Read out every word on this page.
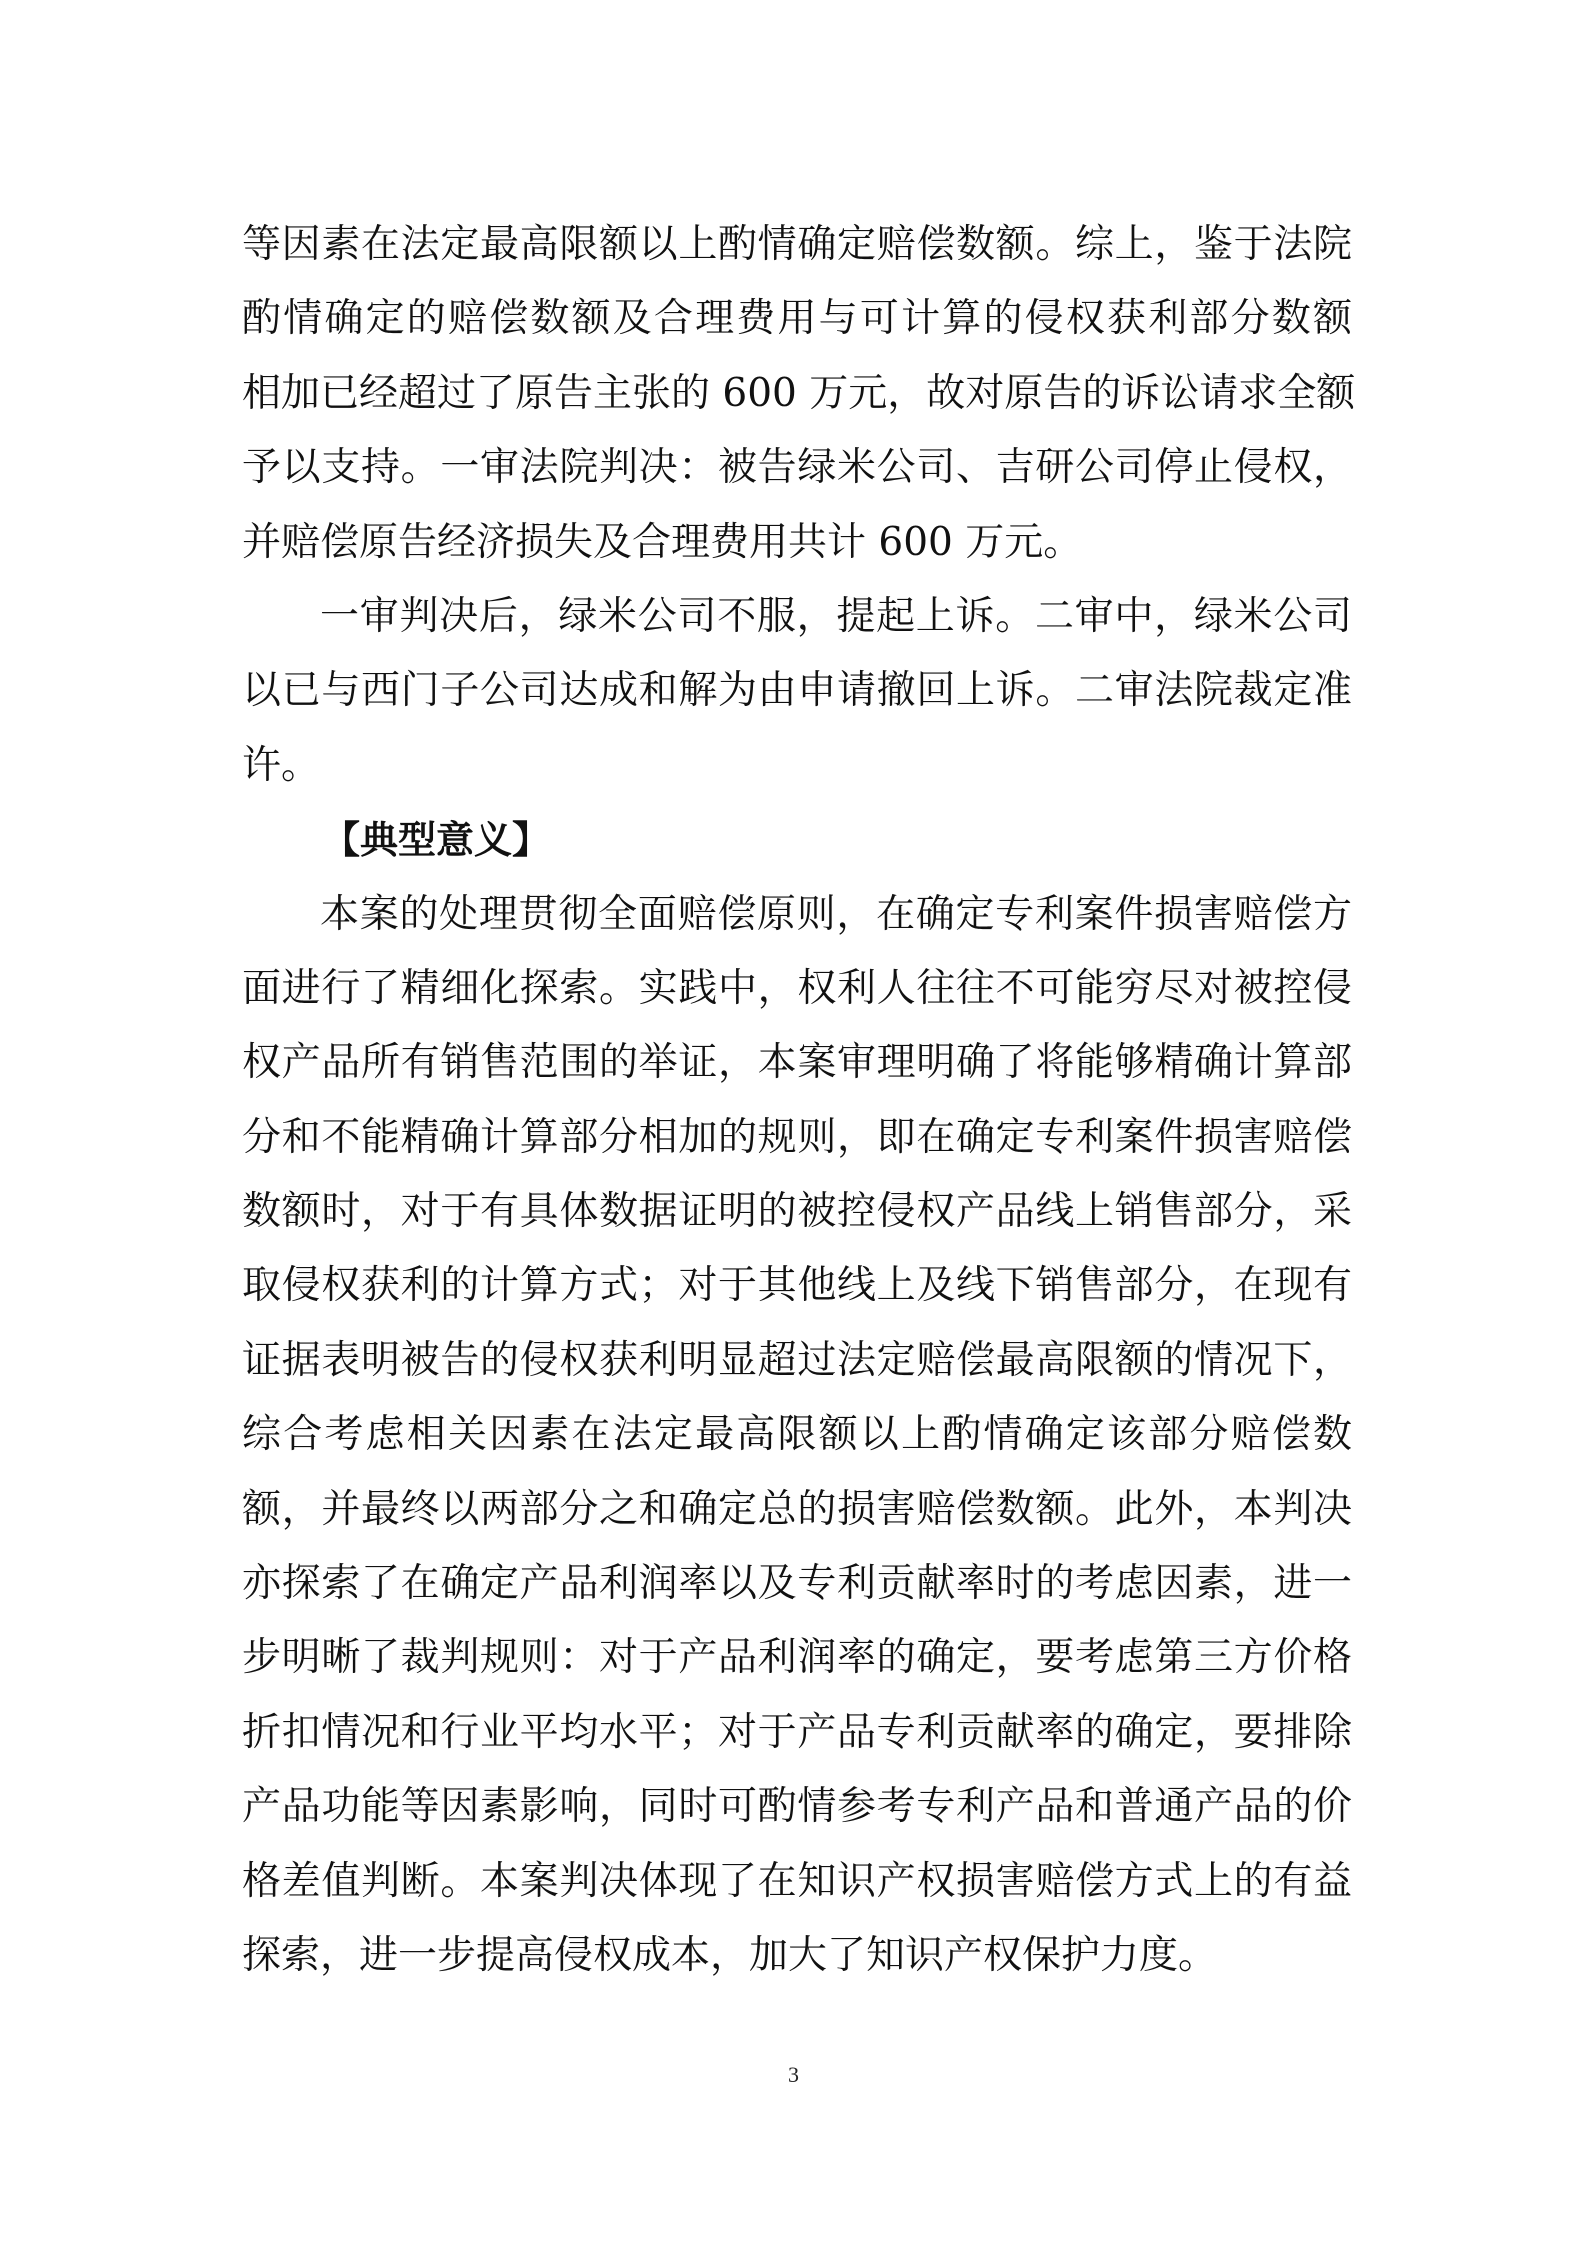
等因素在法定最高限额以上酌情确定赔偿数额。综上，鉴于法院
酌情确定的赔偿数额及合理费用与可计算的侵权获利部分数额
相加已经超过了原告主张的 600 万元，故对原告的诉讼请求全额
予以支持。一审法院判决：被告绿米公司、吉研公司停止侵权，
并赔偿原告经济损失及合理费用共计 600 万元。
一审判决后，绿米公司不服，提起上诉。二审中，绿米公司
以已与西门子公司达成和解为由申请撤回上诉。二审法院裁定准
许。
【典型意义】
本案的处理贯彻全面赔偿原则，在确定专利案件损害赔偿方
面进行了精细化探索。实践中，权利人往往不可能穷尽对被控侵
权产品所有销售范围的举证，本案审理明确了将能够精确计算部
分和不能精确计算部分相加的规则，即在确定专利案件损害赔偿
数额时，对于有具体数据证明的被控侵权产品线上销售部分，采
取侵权获利的计算方式；对于其他线上及线下销售部分，在现有
证据表明被告的侵权获利明显超过法定赔偿最高限额的情况下，
综合考虑相关因素在法定最高限额以上酌情确定该部分赔偿数
额，并最终以两部分之和确定总的损害赔偿数额。此外，本判决
亦探索了在确定产品利润率以及专利贡献率时的考虑因素，进一
步明晰了裁判规则：对于产品利润率的确定，要考虑第三方价格
折扣情况和行业平均水平；对于产品专利贡献率的确定，要排除
产品功能等因素影响，同时可酌情参考专利产品和普通产品的价
格差值判断。本案判决体现了在知识产权损害赔偿方式上的有益
探索，进一步提高侵权成本，加大了知识产权保护力度。
3
